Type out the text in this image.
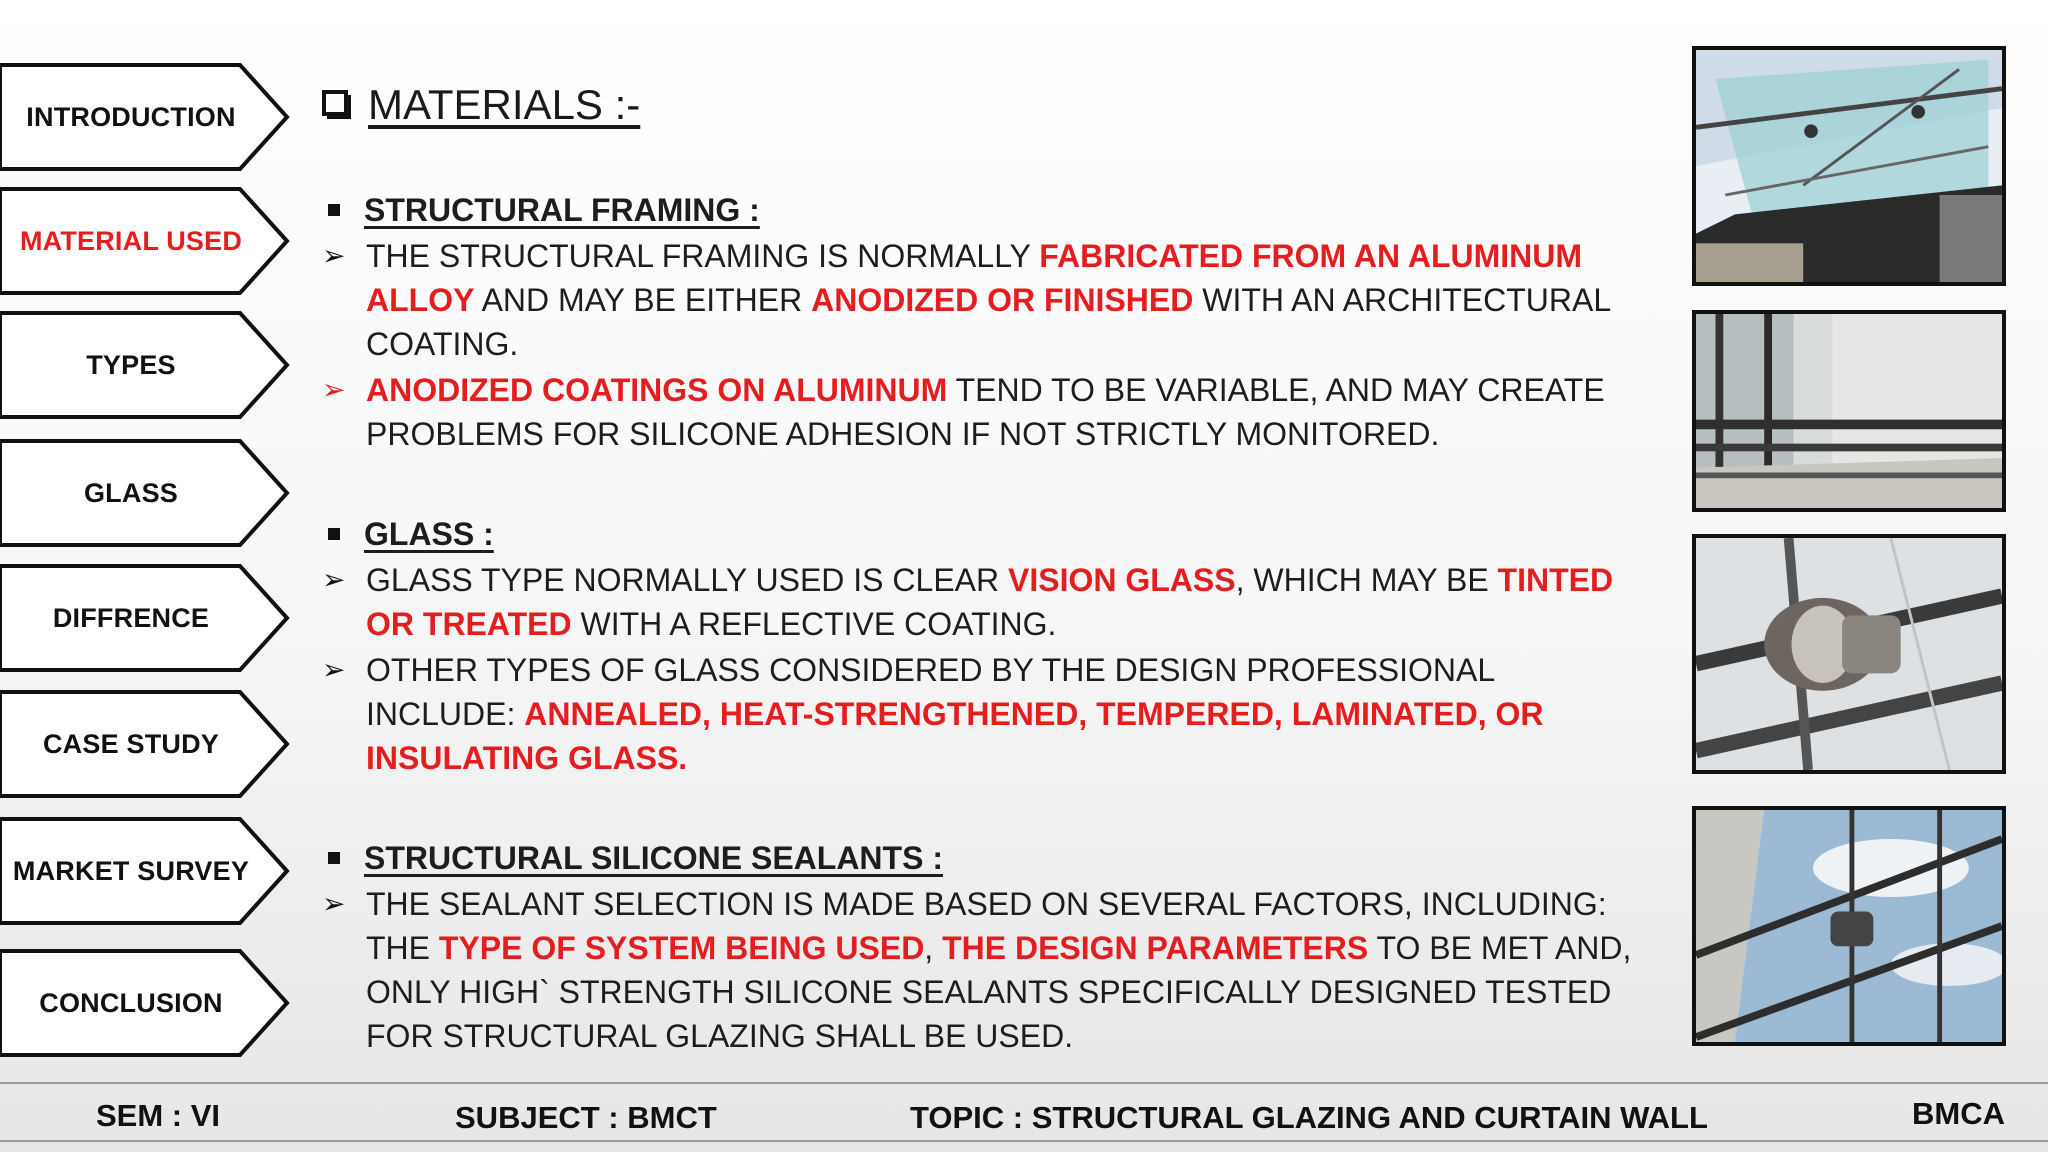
INTRODUCTION
MATERIAL USED
TYPES
GLASS
DIFFRENCE
CASE STUDY
MARKET SURVEY
CONCLUSION
MATERIALS :-
STRUCTURAL FRAMING :
➢ THE STRUCTURAL FRAMING IS NORMALLY FABRICATED FROM AN ALUMINUM ALLOY AND MAY BE EITHER ANODIZED OR FINISHED WITH AN ARCHITECTURAL COATING.
➢ ANODIZED COATINGS ON ALUMINUM TEND TO BE VARIABLE, AND MAY CREATE PROBLEMS FOR SILICONE ADHESION IF NOT STRICTLY MONITORED.
GLASS :
➢ GLASS TYPE NORMALLY USED IS CLEAR VISION GLASS, WHICH MAY BE TINTED OR TREATED WITH A REFLECTIVE COATING.
➢ OTHER TYPES OF GLASS CONSIDERED BY THE DESIGN PROFESSIONAL INCLUDE: ANNEALED, HEAT-STRENGTHENED, TEMPERED, LAMINATED, OR INSULATING GLASS.
STRUCTURAL SILICONE SEALANTS :
➢ THE SEALANT SELECTION IS MADE BASED ON SEVERAL FACTORS, INCLUDING: THE TYPE OF SYSTEM BEING USED, THE DESIGN PARAMETERS TO BE MET AND, ONLY HIGH` STRENGTH SILICONE SEALANTS SPECIFICALLY DESIGNED TESTED FOR STRUCTURAL GLAZING SHALL BE USED.
SEM : VI	SUBJECT : BMCT	TOPIC : STRUCTURAL GLAZING AND CURTAIN WALL	BMCA
